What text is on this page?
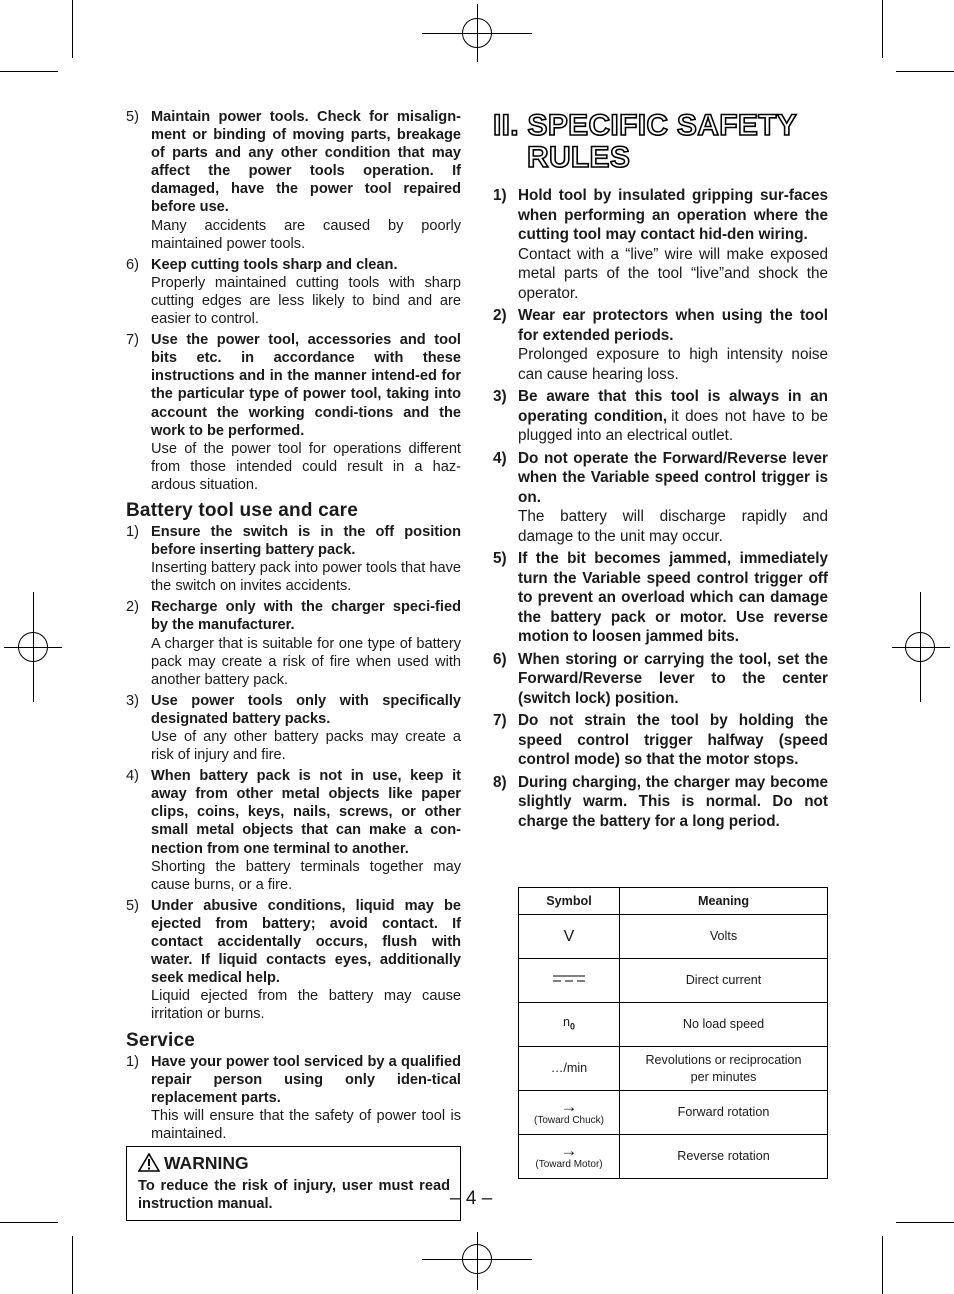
5) Maintain power tools. Check for misalign-ment or binding of moving parts, breakage of parts and any other condition that may affect the power tools operation. If damaged, have the power tool repaired before use.
Many accidents are caused by poorly maintained power tools.
6) Keep cutting tools sharp and clean.
Properly maintained cutting tools with sharp cutting edges are less likely to bind and are easier to control.
7) Use the power tool, accessories and tool bits etc. in accordance with these instructions and in the manner intend-ed for the particular type of power tool, taking into account the working condi-tions and the work to be performed.
Use of the power tool for operations different from those intended could result in a haz-ardous situation.
Battery tool use and care
1) Ensure the switch is in the off position before inserting battery pack.
Inserting battery pack into power tools that have the switch on invites accidents.
2) Recharge only with the charger speci-fied by the manufacturer.
A charger that is suitable for one type of battery pack may create a risk of fire when used with another battery pack.
3) Use power tools only with specifically designated battery packs.
Use of any other battery packs may create a risk of injury and fire.
4) When battery pack is not in use, keep it away from other metal objects like paper clips, coins, keys, nails, screws, or other small metal objects that can make a con-nection from one terminal to another.
Shorting the battery terminals together may cause burns, or a fire.
5) Under abusive conditions, liquid may be ejected from battery; avoid contact. If contact accidentally occurs, flush with water. If liquid contacts eyes, additionally seek medical help.
Liquid ejected from the battery may cause irritation or burns.
Service
1) Have your power tool serviced by a qualified repair person using only iden-tical replacement parts.
This will ensure that the safety of power tool is maintained.
WARNING
To reduce the risk of injury, user must read instruction manual.
II. SPECIFIC SAFETY
RULES
1) Hold tool by insulated gripping sur-faces when performing an operation where the cutting tool may contact hid-den wiring.
Contact with a “live” wire will make exposed metal parts of the tool “live”and shock the operator.
2) Wear ear protectors when using the tool for extended periods.
Prolonged exposure to high intensity noise can cause hearing loss.
3) Be aware that this tool is always in an operating condition, it does not have to be plugged into an electrical outlet.
4) Do not operate the Forward/Reverse lever when the Variable speed control trigger is on.
The battery will discharge rapidly and damage to the unit may occur.
5) If the bit becomes jammed, immediately turn the Variable speed control trigger off to prevent an overload which can damage the battery pack or motor. Use reverse motion to loosen jammed bits.
6) When storing or carrying the tool, set the Forward/Reverse lever to the center (switch lock) position.
7) Do not strain the tool by holding the speed control trigger halfway (speed control mode) so that the motor stops.
8) During charging, the charger may become slightly warm. This is normal. Do not charge the battery for a long period.
Symbol	Meaning
V	Volts
	Direct current
$n_0$	No load speed
…/min	Revolutions or reciprocation per minutes

→
(Toward Chuck)	Forward rotation

→
(Toward Motor)	Reverse rotation
– 4 –
